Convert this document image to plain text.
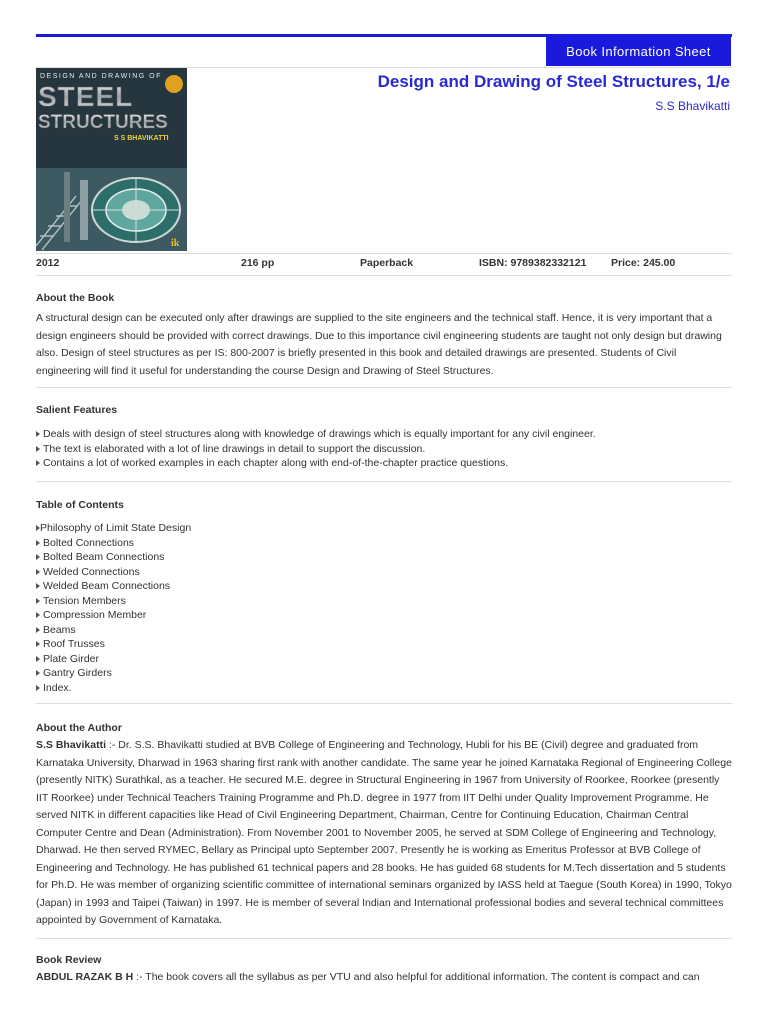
Book Information Sheet
DESIGN AND DRAWING OF
STEEL
STRUCTURES
S S BHAVIKATTI
ik
Design and Drawing of Steel Structures, 1/e
S.S Bhavikatti
2012	216 pp	Paperback	ISBN: 9789382332121 Price: 245.00
About the Book
A structural design can be executed only after drawings are supplied to the site engineers and the technical staff. Hence, it is very important that a design engineers should be provided with correct drawings. Due to this importance civil engineering students are taught not only design but drawing also. Design of steel structures as per IS: 800-2007 is briefly presented in this book and detailed drawings are presented. Students of Civil engineering will find it useful for understanding the course Design and Drawing of Steel Structures.
Salient Features
Deals with design of steel structures along with knowledge of drawings which is equally important for any civil engineer.
The text is elaborated with a lot of line drawings in detail to support the discussion.
Contains a lot of worked examples in each chapter along with end-of-the-chapter practice questions.
Table of Contents
Philosophy of Limit State Design
Bolted Connections
Bolted Beam Connections
Welded Connections
Welded Beam Connections
Tension Members
Compression Member
Beams
Roof Trusses
Plate Girder
Gantry Girders
Index.
About the Author
S.S Bhavikatti :- Dr. S.S. Bhavikatti studied at BVB College of Engineering and Technology, Hubli for his BE (Civil) degree and graduated from Karnataka University, Dharwad in 1963 sharing first rank with another candidate. The same year he joined Karnataka Regional of Engineering College (presently NITK) Surathkal, as a teacher. He secured M.E. degree in Structural Engineering in 1967 from University of Roorkee, Roorkee (presently IIT Roorkee) under Technical Teachers Training Programme and Ph.D. degree in 1977 from IIT Delhi under Quality Improvement Programme. He served NITK in different capacities like Head of Civil Engineering Department, Chairman, Centre for Continuing Education, Chairman Central Computer Centre and Dean (Administration). From November 2001 to November 2005, he served at SDM College of Engineering and Technology, Dharwad. He then served RYMEC, Bellary as Principal upto September 2007. Presently he is working as Emeritus Professor at BVB College of Engineering and Technology. He has published 61 technical papers and 28 books. He has guided 68 students for M.Tech dissertation and 5 students for Ph.D. He was member of organizing scientific committee of international seminars organized by IASS held at Taegue (South Korea) in 1990, Tokyo (Japan) in 1993 and Taipei (Taiwan) in 1997. He is member of several Indian and International professional bodies and several technical committees appointed by Government of Karnataka.
Book Review
ABDUL RAZAK B H :- The book covers all the syllabus as per VTU and also helpful for additional information. The content is compact and can
